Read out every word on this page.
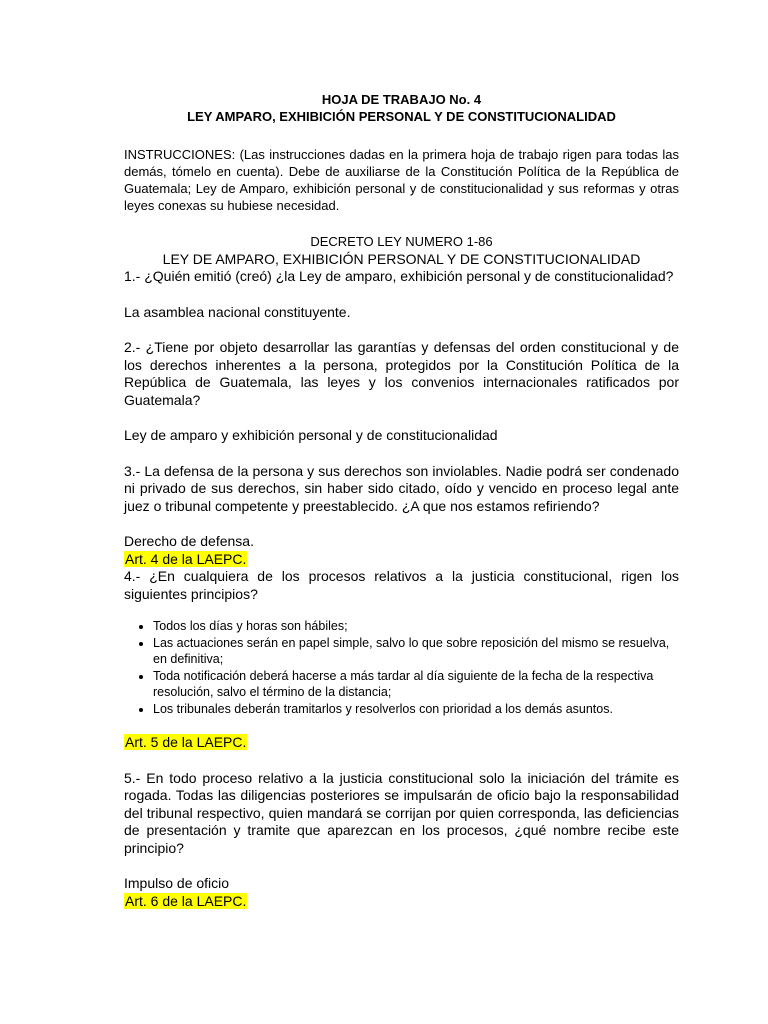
HOJA DE TRABAJO No. 4

LEY AMPARO, EXHIBICIÓN PERSONAL Y DE CONSTITUCIONALIDAD

INSTRUCCIONES: (Las instrucciones dadas en la primera hoja de trabajo rigen para todas las demás, tómelo en cuenta). Debe de auxiliarse de la Constitución Política de la República de Guatemala; Ley de Amparo, exhibición personal y de constitucionalidad y sus reformas y otras leyes conexas su hubiese necesidad.

DECRETO LEY NUMERO 1-86

LEY DE AMPARO, EXHIBICIÓN PERSONAL Y DE CONSTITUCIONALIDAD

1.- ¿Quién emitió (creó) ¿la Ley de amparo, exhibición personal y de constitucionalidad?

La asamblea nacional constituyente.

2.- ¿Tiene por objeto desarrollar las garantías y defensas del orden constitucional y de los derechos inherentes a la persona, protegidos por la Constitución Política de la República de Guatemala, las leyes y los convenios internacionales ratificados por Guatemala?

Ley de amparo y exhibición personal y de constitucionalidad

3.- La defensa de la persona y sus derechos son inviolables. Nadie podrá ser condenado ni privado de sus derechos, sin haber sido citado, oído y vencido en proceso legal ante juez o tribunal competente y preestablecido. ¿A que nos estamos refiriendo?

Derecho de defensa.

Art. 4 de la LAEPC.

4.- ¿En cualquiera de los procesos relativos a la justicia constitucional, rigen los siguientes principios?

• Todos los días y horas son hábiles;
• Las actuaciones serán en papel simple, salvo lo que sobre reposición del mismo se resuelva, en definitiva;
• Toda notificación deberá hacerse a más tardar al día siguiente de la fecha de la respectiva resolución, salvo el término de la distancia;
• Los tribunales deberán tramitarlos y resolverlos con prioridad a los demás asuntos.

Art. 5 de la LAEPC.

5.- En todo proceso relativo a la justicia constitucional solo la iniciación del trámite es rogada. Todas las diligencias posteriores se impulsarán de oficio bajo la responsabilidad del tribunal respectivo, quien mandará se corrijan por quien corresponda, las deficiencias de presentación y tramite que aparezcan en los procesos, ¿qué nombre recibe este principio?

Impulso de oficio

Art. 6 de la LAEPC.
